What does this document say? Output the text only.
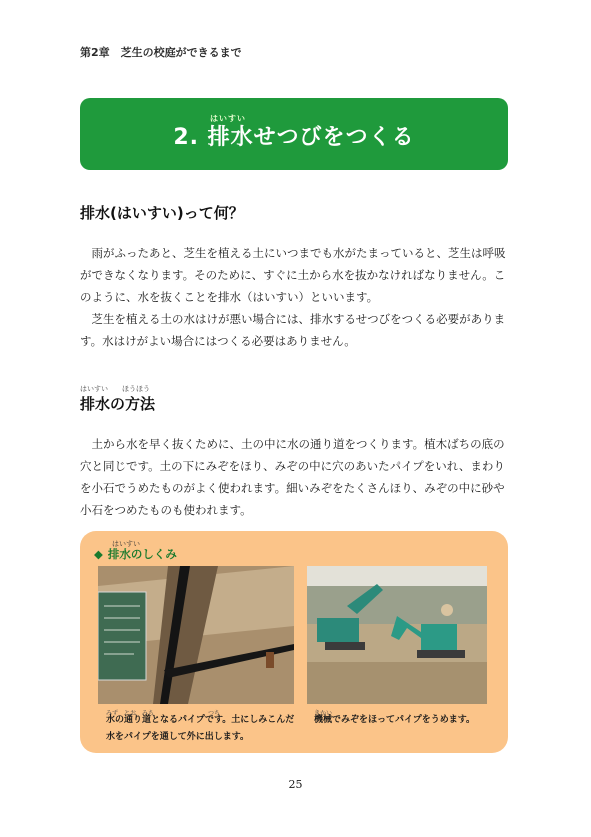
第2章　芝生の校庭ができるまで
はいすい
2. 排水せつびをつくる
排水(はいすい)って何？

雨がふったあと、芝生を植える土にいつまでも水がたまっていると、芝生は呼吸ができなくなります。そのために、すぐに土から水を抜かなければなりません。このように、水を抜くことを排水（はいすい）といいます。

芝生を植える土の水はけが悪い場合には、排水するせつびをつくる必要があります。水はけがよい場合にはつくる必要はありません。

はいすい　　ほうほう
排水の方法

土から水を早く抜くために、土の中に水の通り道をつくります。植木ばちの底の穴と同じです。土の下にみぞをほり、みぞの中に穴のあいたパイプをいれ、まわりを小石でうめたものがよく使われます。細いみぞをたくさんほり、みぞの中に砂や小石をつめたものも使われます。

はいすい
◆ 排水のしくみ
みず　とお　みち　　　　　　　　　つち
水の通り道となるパイプです。土にしみこんだ水をパイプを通して外に出します。
きかい
機械でみぞをほってパイプをうめます。
25
